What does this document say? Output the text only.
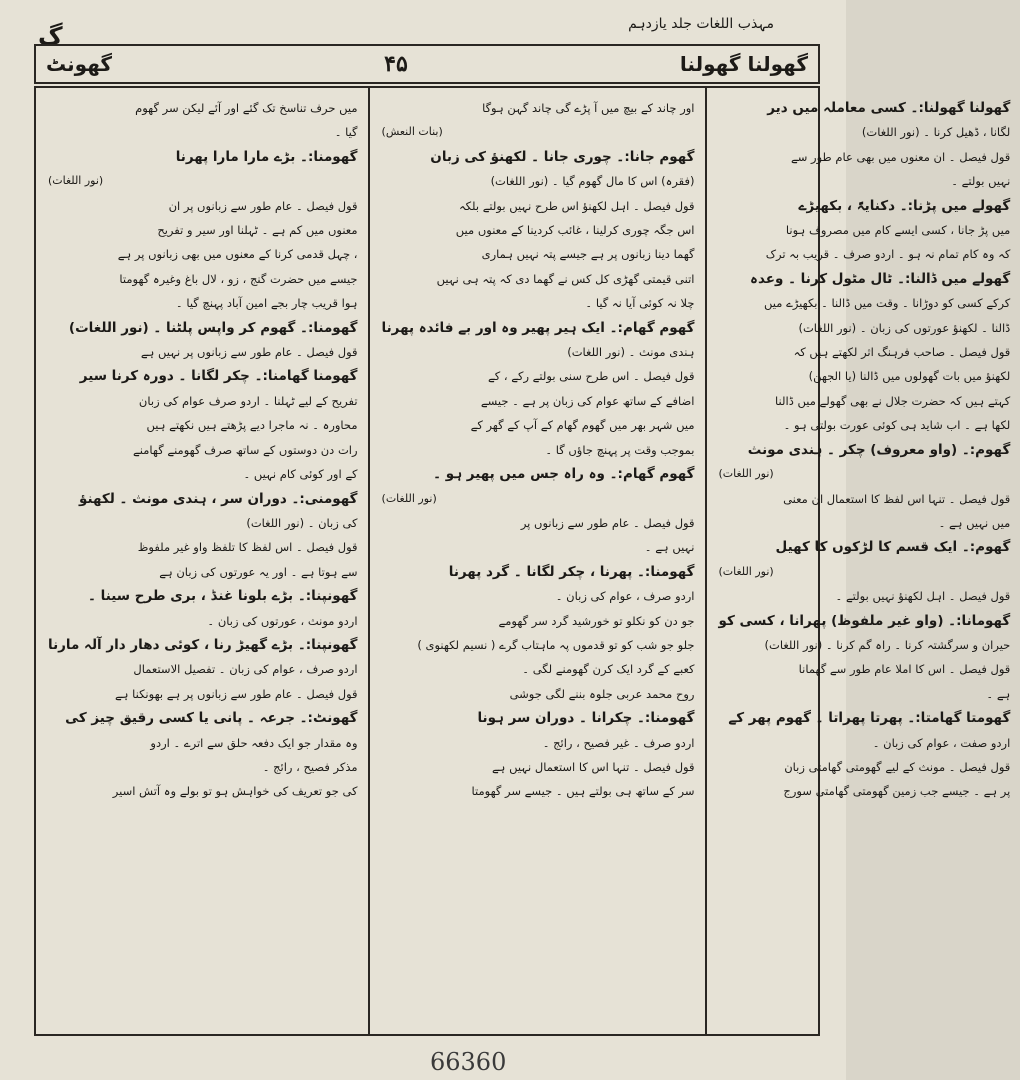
مہذب اللغات جلد یازدہم
گ
گھونٹ	۴۵	گھولنا گھولنا
میں حرف تناسخ تک گئے اور آئے لیکن سر گھوم
گیا ۔
گھومنا:۔ بڑے مارا مارا پھرنا
(نور اللغات)
قول فیصل ۔ عام طور سے زبانوں پر ان
معنوں میں کم ہے ۔ ٹہلنا اور سیر و تفریح
، چہل قدمی کرنا کے معنوں میں بھی زبانوں پر ہے
جیسے میں حضرت گنج ، زو ، لال باغ وغیرہ گھومتا
ہوا قریب چار بجے امین آباد پہنچ گیا ۔
گھومنا:۔ گھوم کر واپس پلٹنا ۔ (نور اللغات)
قول فیصل ۔ عام طور سے زبانوں پر نہیں ہے
گھومنا گھامنا:۔ چکر لگانا ۔ دورہ کرنا سیر
تفریح کے لیے ٹہلنا ۔ اردو صرف عوام کی زبان
محاورہ ۔ نہ ماجرا دیے پڑھتے ہیں نکھتے ہیں
رات دن دوستوں کے ساتھ صرف گھومنے گھامنے
کے اور کوئی کام نہیں ۔
گھومنی:۔ دوران سر ، ہندی مونث ۔ لکھنؤ
کی زبان ۔ (نور اللغات)
قول فیصل ۔ اس لفظ کا تلفظ واو غیر ملفوظ
سے ہوتا ہے ۔ اور یہ عورتوں کی زبان ہے
گھونپنا:۔ بڑے بلونا غنڈ ، بری طرح سینا ۔
اردو مونث ، عورتوں کی زبان ۔
گھونپنا:۔ بڑے گھیڑ رنا ، کوئی دھار دار آلہ مارنا
اردو صرف ، عوام کی زبان ۔ تفصیل الاستعمال
قول فیصل ۔ عام طور سے زبانوں پر ہے بھونکنا ہے
گھونٹ:۔ جرعہ ۔ پانی یا کسی رقیق چیز کی
وہ مقدار جو ایک دفعہ حلق سے اترے ۔ اردو
مذکر فصیح ، رائج ۔
کی جو تعریف کی خواہش ہو تو بولے وہ آتش اسیر
اور چاند کے بیچ میں آ پڑے گی چاند گہن ہوگا
(بنات النعش)
گھوم جانا:۔ چوری جانا ۔ لکھنؤ کی زبان
(فقرہ) اس کا مال گھوم گیا ۔ (نور اللغات)
قول فیصل ۔ اہل لکھنؤ اس طرح نہیں بولتے بلکہ
اس جگہ چوری کرلینا ، غائب کردینا کے معنوں میں
گھما دینا زبانوں پر ہے جیسے پتہ نہیں ہماری
اتنی قیمتی گھڑی کل کس نے گھما دی کہ پتہ ہی نہیں
چلا نہ کوئی آیا نہ گیا ۔
گھوم گھام:۔ ایک ہیر پھیر وہ اور بے فائدہ پھرنا
ہندی مونث ۔ (نور اللغات)
قول فیصل ۔ اس طرح سنی بولتے رکے ، کے
اضافے کے ساتھ عوام کی زبان پر ہے ۔ جیسے
میں شہر بھر میں گھوم گھام کے آپ کے گھر کے
بموجب وقت پر پہنچ جاؤں گا ۔
گھوم گھام:۔ وہ راہ جس میں پھیر ہو ۔
(نور اللغات)
قول فیصل ۔ عام طور سے زبانوں پر
نہیں ہے ۔
گھومنا:۔ پھرنا ، چکر لگانا ۔ گرد پھرنا
اردو صرف ، عوام کی زبان ۔
جو دن کو نکلو تو خورشید گرد سر گھومے
جلو جو شب کو تو قدموں پہ ماہتاب گرے ( نسیم لکھنوی )
کعبے کے گرد ایک کرن گھومنے لگی ۔
روح محمد عربی جلوہ بننے لگی جوشی
گھومنا:۔ چکرانا ۔ دوران سر ہونا
اردو صرف ۔ غیر فصیح ، رائج ۔
قول فیصل ۔ تنہا اس کا استعمال نہیں ہے
سر کے ساتھ ہی بولتے ہیں ۔ جیسے سر گھومتا
گھولنا گھولنا:۔ کسی معاملہ میں دیر
لگانا ، ڈھیل کرنا ۔ (نور اللغات)
قول فیصل ۔ ان معنوں میں بھی عام طور سے
نہیں بولتے ۔
گھولے میں پڑنا:۔ دکنایہً ، بکھیڑے
میں پڑ جانا ، کسی ایسے کام میں مصروف ہونا
کہ وہ کام تمام نہ ہو ۔ اردو صرف ۔ قریب بہ ترک
گھولے میں ڈالنا:۔ ٹال مٹول کرنا ۔ وعدہ
کرکے کسی کو دوڑانا ۔ وقت میں ڈالنا ۔ بکھیڑے میں
ڈالنا ۔ لکھنؤ عورتوں کی زبان ۔ (نور اللغات)
قول فیصل ۔ صاحب فرہنگ اثر لکھتے ہیں کہ
لکھنؤ میں بات گھولوں میں ڈالنا (یا الجھن)
کہتے ہیں کہ حضرت جلال نے بھی گھولے میں ڈالنا
لکھا ہے ۔ اب شاید ہی کوئی عورت بولتی ہو ۔
گھوم:۔ (واو معروف) چکر ۔ ہندی مونث
(نور اللغات)
قول فیصل ۔ تنہا اس لفظ کا استعمال ان معنی
میں نہیں ہے ۔
گھوم:۔ ایک قسم کا لڑکوں کا کھیل
(نور اللغات)
قول فیصل ۔ اہل لکھنؤ نہیں بولتے ۔
گھومانا:۔ (واو غیر ملفوظ) پھرانا ، کسی کو
حیران و سرگشتہ کرنا ۔ راہ گم کرنا ۔ (نور اللغات)
قول فیصل ۔ اس کا املا عام طور سے گھمانا
ہے ۔
گھومتا گھامتا:۔ پھرتا پھراتا ۔ گھوم پھر کے
اردو صفت ، عوام کی زبان ۔
قول فیصل ۔ مونث کے لیے گھومتی گھامتی زبان
پر ہے ۔ جیسے جب زمین گھومتی گھامتی سورج
66360
